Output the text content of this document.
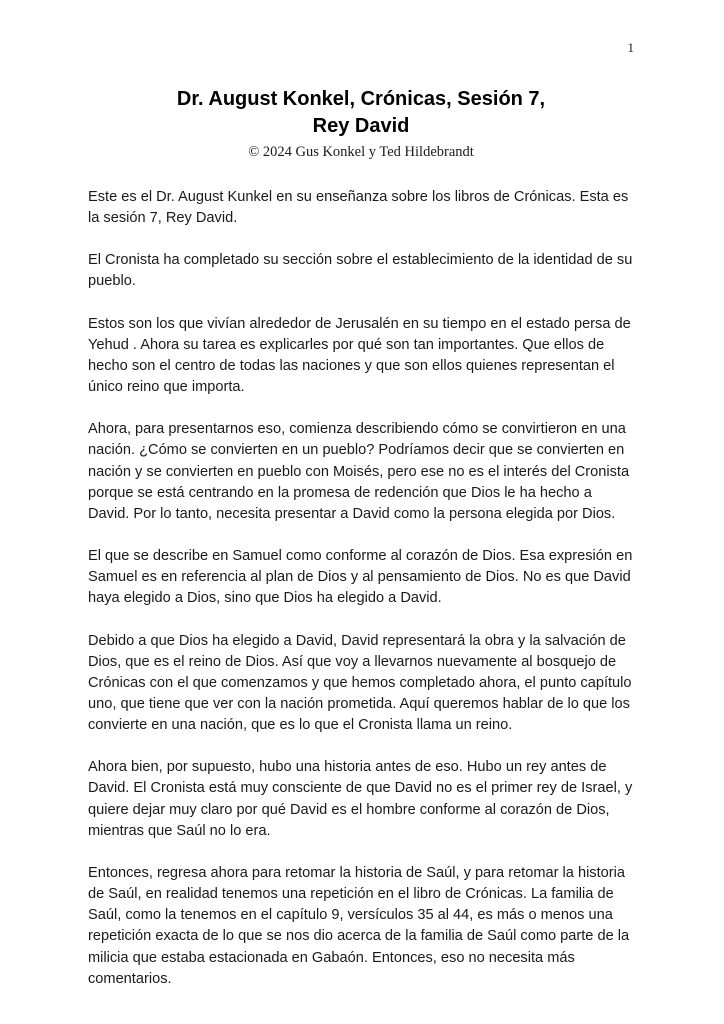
1
Dr. August Konkel, Crónicas, Sesión 7,
Rey David
© 2024 Gus Konkel y Ted Hildebrandt

Este es el Dr. August Kunkel en su enseñanza sobre los libros de Crónicas. Esta es la sesión 7, Rey David.

El Cronista ha completado su sección sobre el establecimiento de la identidad de su pueblo.

Estos son los que vivían alrededor de Jerusalén en su tiempo en el estado persa de Yehud . Ahora su tarea es explicarles por qué son tan importantes. Que ellos de hecho son el centro de todas las naciones y que son ellos quienes representan el único reino que importa.

Ahora, para presentarnos eso, comienza describiendo cómo se convirtieron en una nación. ¿Cómo se convierten en un pueblo? Podríamos decir que se convierten en nación y se convierten en pueblo con Moisés, pero ese no es el interés del Cronista porque se está centrando en la promesa de redención que Dios le ha hecho a David. Por lo tanto, necesita presentar a David como la persona elegida por Dios.

El que se describe en Samuel como conforme al corazón de Dios. Esa expresión en Samuel es en referencia al plan de Dios y al pensamiento de Dios. No es que David haya elegido a Dios, sino que Dios ha elegido a David.

Debido a que Dios ha elegido a David, David representará la obra y la salvación de Dios, que es el reino de Dios. Así que voy a llevarnos nuevamente al bosquejo de Crónicas con el que comenzamos y que hemos completado ahora, el punto capítulo uno, que tiene que ver con la nación prometida. Aquí queremos hablar de lo que los convierte en una nación, que es lo que el Cronista llama un reino.

Ahora bien, por supuesto, hubo una historia antes de eso. Hubo un rey antes de David. El Cronista está muy consciente de que David no es el primer rey de Israel, y quiere dejar muy claro por qué David es el hombre conforme al corazón de Dios, mientras que Saúl no lo era.

Entonces, regresa ahora para retomar la historia de Saúl, y para retomar la historia de Saúl, en realidad tenemos una repetición en el libro de Crónicas. La familia de Saúl, como la tenemos en el capítulo 9, versículos 35 al 44, es más o menos una repetición exacta de lo que se nos dio acerca de la familia de Saúl como parte de la milicia que estaba estacionada en Gabaón. Entonces, eso no necesita más comentarios.
